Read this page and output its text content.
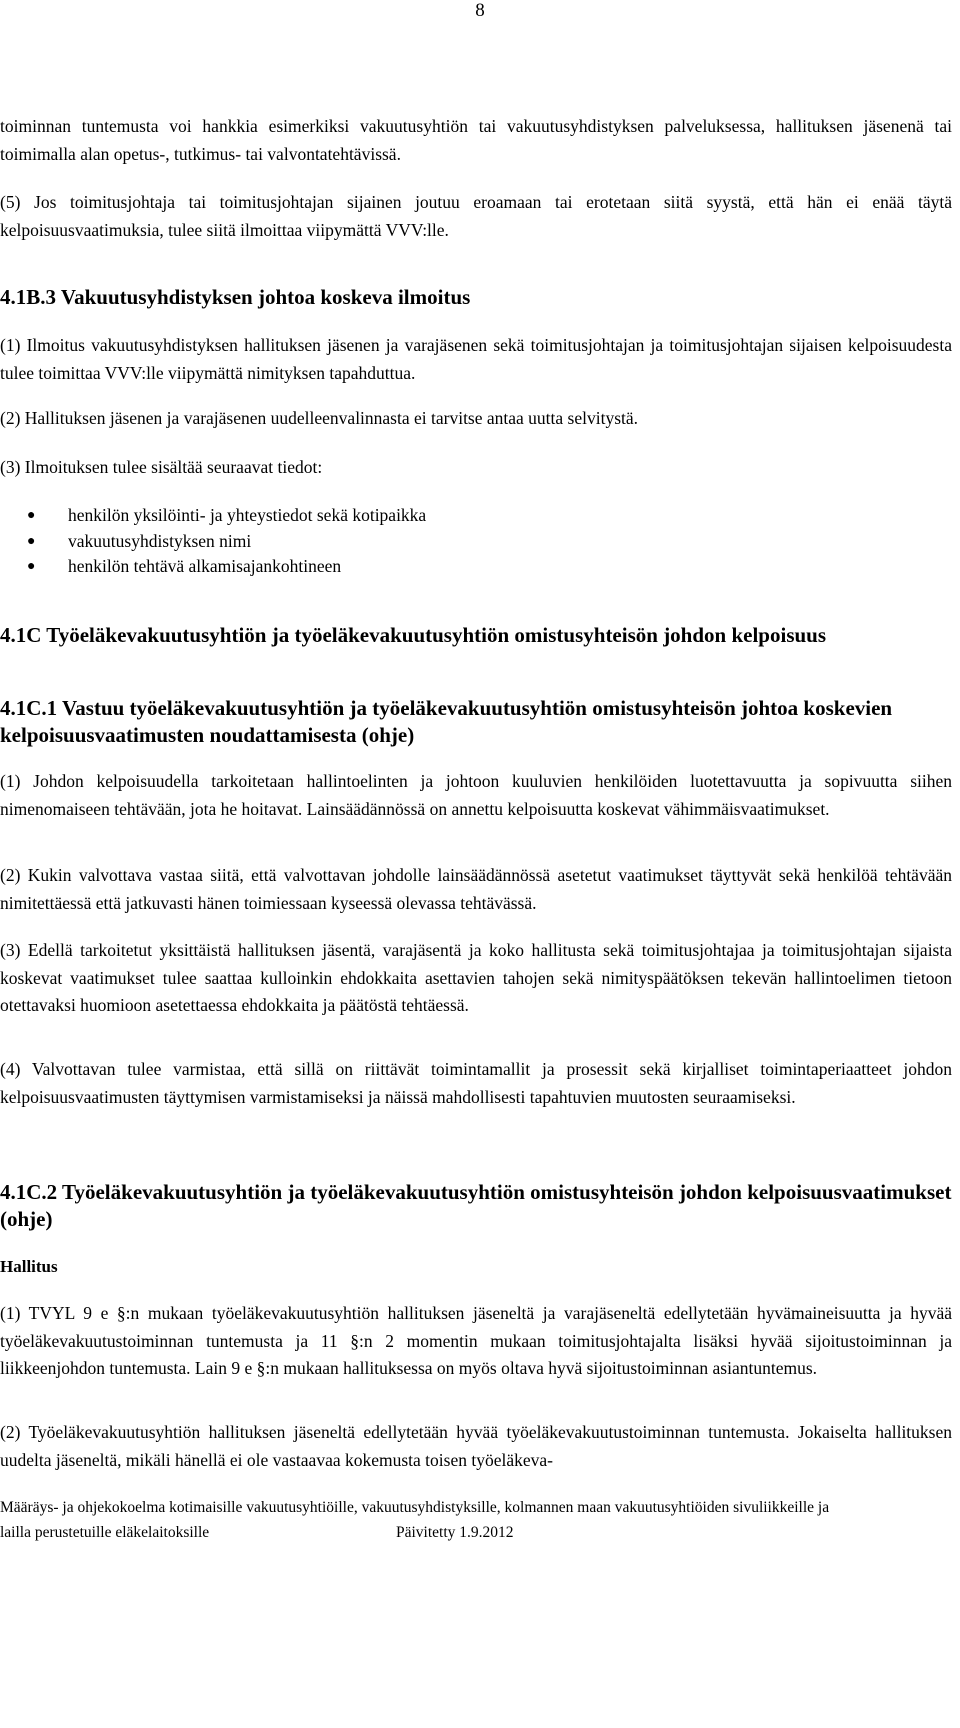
8

toiminnan tuntemusta voi hankkia esimerkiksi vakuutusyhtiön tai vakuutusyhdistyksen palveluksessa, hallituksen jäsenenä tai toimimalla alan opetus-, tutkimus- tai valvontatehtävissä.

(5) Jos toimitusjohtaja tai toimitusjohtajan sijainen joutuu eroamaan tai erotetaan siitä syystä, että hän ei enää täytä kelpoisuusvaatimuksia, tulee siitä ilmoittaa viipymättä VVV:lle.

4.1B.3 Vakuutusyhdistyksen johtoa koskeva ilmoitus

(1) Ilmoitus vakuutusyhdistyksen hallituksen jäsenen ja varajäsenen sekä toimitusjohtajan ja toimitusjohtajan sijaisen kelpoisuudesta tulee toimittaa VVV:lle viipymättä nimityksen tapahduttua.

(2) Hallituksen jäsenen ja varajäsenen uudelleenvalinnasta ei tarvitse antaa uutta selvitystä.

(3) Ilmoituksen tulee sisältää seuraavat tiedot:

● henkilön yksilöinti- ja yhteystiedot sekä kotipaikka
● vakuutusyhdistyksen nimi
● henkilön tehtävä alkamisajankohtineen
4.1C Työeläkevakuutusyhtiön ja työeläkevakuutusyhtiön omistusyhteisön johdon kelpoisuus
4.1C.1 Vastuu työeläkevakuutusyhtiön ja työeläkevakuutusyhtiön omistusyhteisön johtoa koskevien kelpoisuusvaatimusten noudattamisesta (ohje)

(1) Johdon kelpoisuudella tarkoitetaan hallintoelinten ja johtoon kuuluvien henkilöiden luotettavuutta ja sopivuutta siihen nimenomaiseen tehtävään, jota he hoitavat. Lainsäädännössä on annettu kelpoisuutta koskevat vähimmäisvaatimukset.

(2) Kukin valvottava vastaa siitä, että valvottavan johdolle lainsäädännössä asetetut vaatimukset täyttyvät sekä henkilöä tehtävään nimitettäessä että jatkuvasti hänen toimiessaan kyseessä olevassa tehtävässä.

(3) Edellä tarkoitetut yksittäistä hallituksen jäsentä, varajäsentä ja koko hallitusta sekä toimitusjohtajaa ja toimitusjohtajan sijaista koskevat vaatimukset tulee saattaa kulloinkin ehdokkaita asettavien tahojen sekä nimityspäätöksen tekevän hallintoelimen tietoon otettavaksi huomioon asetettaessa ehdokkaita ja päätöstä tehtäessä.

(4) Valvottavan tulee varmistaa, että sillä on riittävät toimintamallit ja prosessit sekä kirjalliset toimintaperiaatteet johdon kelpoisuusvaatimusten täyttymisen varmistamiseksi ja näissä mahdollisesti tapahtuvien muutosten seuraamiseksi.

4.1C.2 Työeläkevakuutusyhtiön ja työeläkevakuutusyhtiön omistusyhteisön johdon kelpoisuusvaatimukset (ohje)
Hallitus

(1) TVYL 9 e §:n mukaan työeläkevakuutusyhtiön hallituksen jäseneltä ja varajäseneltä edellytetään hyvämaineisuutta ja hyvää työeläkevakuutustoiminnan tuntemusta ja 11 §:n 2 momentin mukaan toimitusjohtajalta lisäksi hyvää sijoitustoiminnan ja liikkeenjohdon tuntemusta. Lain 9 e §:n mukaan hallituksessa on myös oltava hyvä sijoitustoiminnan asiantuntemus.

(2) Työeläkevakuutusyhtiön hallituksen jäseneltä edellytetään hyvää työeläkevakuutustoiminnan tuntemusta. Jokaiselta hallituksen uudelta jäseneltä, mikäli hänellä ei ole vastaavaa kokemusta toisen työeläkeva-

Määräys- ja ohjekokoelma kotimaisille vakuutusyhtiöille, vakuutusyhdistyksille, kolmannen maan vakuutusyhtiöiden sivuliikkeille ja
lailla perustetuille eläkelaitoksille	Päivitetty 1.9.2012
